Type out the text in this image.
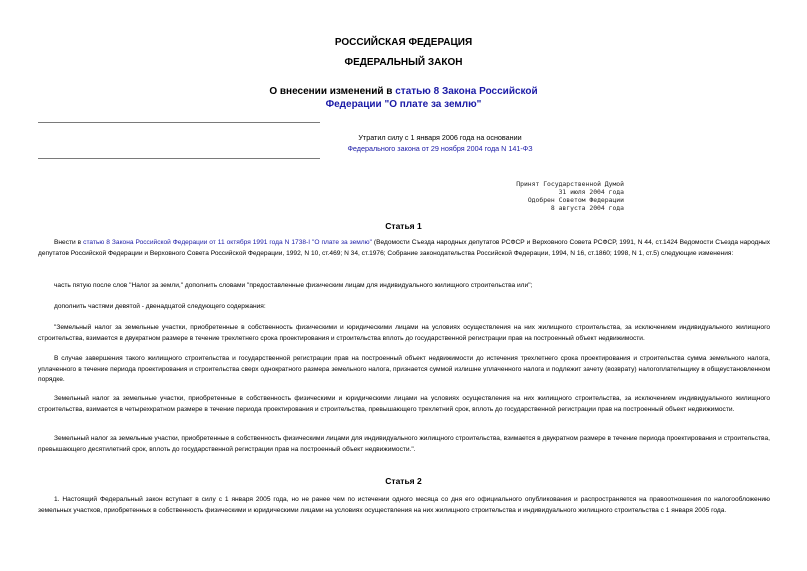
РОССИЙСКАЯ ФЕДЕРАЦИЯ
ФЕДЕРАЛЬНЫЙ ЗАКОН
О внесении изменений в статью 8 Закона Российской
Федерации "О плате за землю"
Утратил силу с 1 января 2006 года на основании
Федерального закона от 29 ноября 2004 года N 141-ФЗ
Принят Государственной Думой
31 июля 2004 года
Одобрен Советом Федерации
8 августа 2004 года
Статья 1
Внести в статью 8 Закона Российской Федерации от 11 октября 1991 года N 1738-I "О плате за землю" (Ведомости Съезда народных депутатов РСФСР и Верховного Совета РСФСР, 1991, N 44, ст.1424 Ведомости Съезда народных депутатов Российской Федерации и Верховного Совета Российской Федерации, 1992, N 10, ст.469; N 34, ст.1976; Собрание законодательства Российской Федерации, 1994, N 16, ст.1860; 1998, N 1, ст.5) следующие изменения:
часть пятую после слов "Налог за земли," дополнить словами "предоставленные физическим лицам для индивидуального жилищного строительства или";
дополнить частями девятой - двенадцатой следующего содержания:
"Земельный налог за земельные участки, приобретенные в собственность физическими и юридическими лицами на условиях осуществления на них жилищного строительства, за исключением индивидуального жилищного строительства, взимается в двукратном размере в течение трехлетнего срока проектирования и строительства вплоть до государственной регистрации прав на построенный объект недвижимости.
В случае завершения такого жилищного строительства и государственной регистрации прав на построенный объект недвижимости до истечения трехлетнего срока проектирования и строительства сумма земельного налога, уплаченного в течение периода проектирования и строительства сверх однократного размера земельного налога, признается суммой излишне уплаченного налога и подлежит зачету (возврату) налогоплательщику в общеустановленном порядке.
Земельный налог за земельные участки, приобретенные в собственность физическими и юридическими лицами на условиях осуществления на них жилищного строительства, за исключением индивидуального жилищного строительства, взимается в четырехкратном размере в течение периода проектирования и строительства, превышающего трехлетний срок, вплоть до государственной регистрации прав на построенный объект недвижимости.
Земельный налог за земельные участки, приобретенные в собственность физическими лицами для индивидуального жилищного строительства, взимается в двукратном размере в течение периода проектирования и строительства, превышающего десятилетний срок, вплоть до государственной регистрации прав на построенный объект недвижимости.".
Статья 2
1. Настоящий Федеральный закон вступает в силу с 1 января 2005 года, но не ранее чем по истечении одного месяца со дня его официального опубликования и распространяется на правоотношения по налогообложению земельных участков, приобретенных в собственность физическими и юридическими лицами на условиях осуществления на них жилищного строительства и индивидуального жилищного строительства с 1 января 2005 года.
